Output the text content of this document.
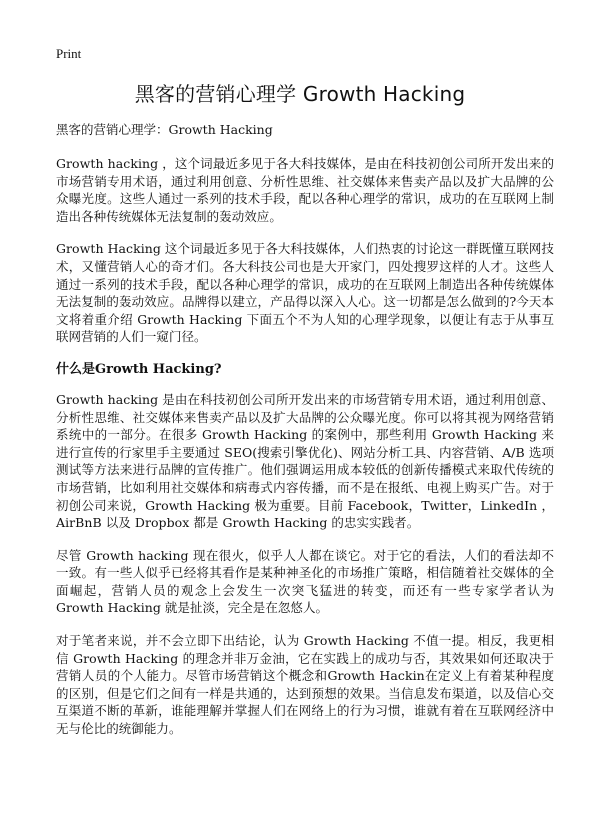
Print
黑客的营销心理学 Growth Hacking
黑客的营销心理学：Growth Hacking

Growth hacking ，这个词最近多见于各大科技媒体，是由在科技初创公司所开发出来的市场营销专用术语，通过利用创意、分析性思维、社交媒体来售卖产品以及扩大品牌的公众曝光度。这些人通过一系列的技术手段，配以各种心理学的常识，成功的在互联网上制造出各种传统媒体无法复制的轰动效应。

Growth Hacking 这个词最近多见于各大科技媒体，人们热衷的讨论这一群既懂互联网技术，又懂营销人心的奇才们。各大科技公司也是大开家门，四处搜罗这样的人才。这些人通过一系列的技术手段，配以各种心理学的常识，成功的在互联网上制造出各种传统媒体无法复制的轰动效应。品牌得以建立，产品得以深入人心。这一切都是怎么做到的?今天本文将着重介绍 Growth Hacking 下面五个不为人知的心理学现象，以便让有志于从事互联网营销的人们一窥门径。

什么是Growth Hacking?

Growth hacking 是由在科技初创公司所开发出来的市场营销专用术语，通过利用创意、分析性思维、社交媒体来售卖产品以及扩大品牌的公众曝光度。你可以将其视为网络营销系统中的一部分。在很多 Growth Hacking 的案例中，那些利用 Growth Hacking 来进行宣传的行家里手主要通过 SEO(搜索引擎优化)、网站分析工具、内容营销、A/B 选项测试等方法来进行品牌的宣传推广。他们强调运用成本较低的创新传播模式来取代传统的市场营销，比如利用社交媒体和病毒式内容传播，而不是在报纸、电视上购买广告。对于初创公司来说，Growth Hacking 极为重要。目前 Facebook，Twitter，LinkedIn ，AirBnB 以及 Dropbox 都是 Growth Hacking 的忠实实践者。

尽管 Growth hacking 现在很火，似乎人人都在谈它。对于它的看法，人们的看法却不一致。有一些人似乎已经将其看作是某种神圣化的市场推广策略，相信随着社交媒体的全面崛起，营销人员的观念上会发生一次突飞猛进的转变，而还有一些专家学者认为 Growth Hacking 就是扯淡，完全是在忽悠人。

对于笔者来说，并不会立即下出结论，认为 Growth Hacking 不值一提。相反，我更相信 Growth Hacking 的理念并非万金油，它在实践上的成功与否，其效果如何还取决于营销人员的个人能力。尽管市场营销这个概念和Growth Hackin在定义上有着某种程度的区别，但是它们之间有一样是共通的，达到预想的效果。当信息发布渠道，以及信心交互渠道不断的革新，谁能理解并掌握人们在网络上的行为习惯，谁就有着在互联网经济中无与伦比的统御能力。
